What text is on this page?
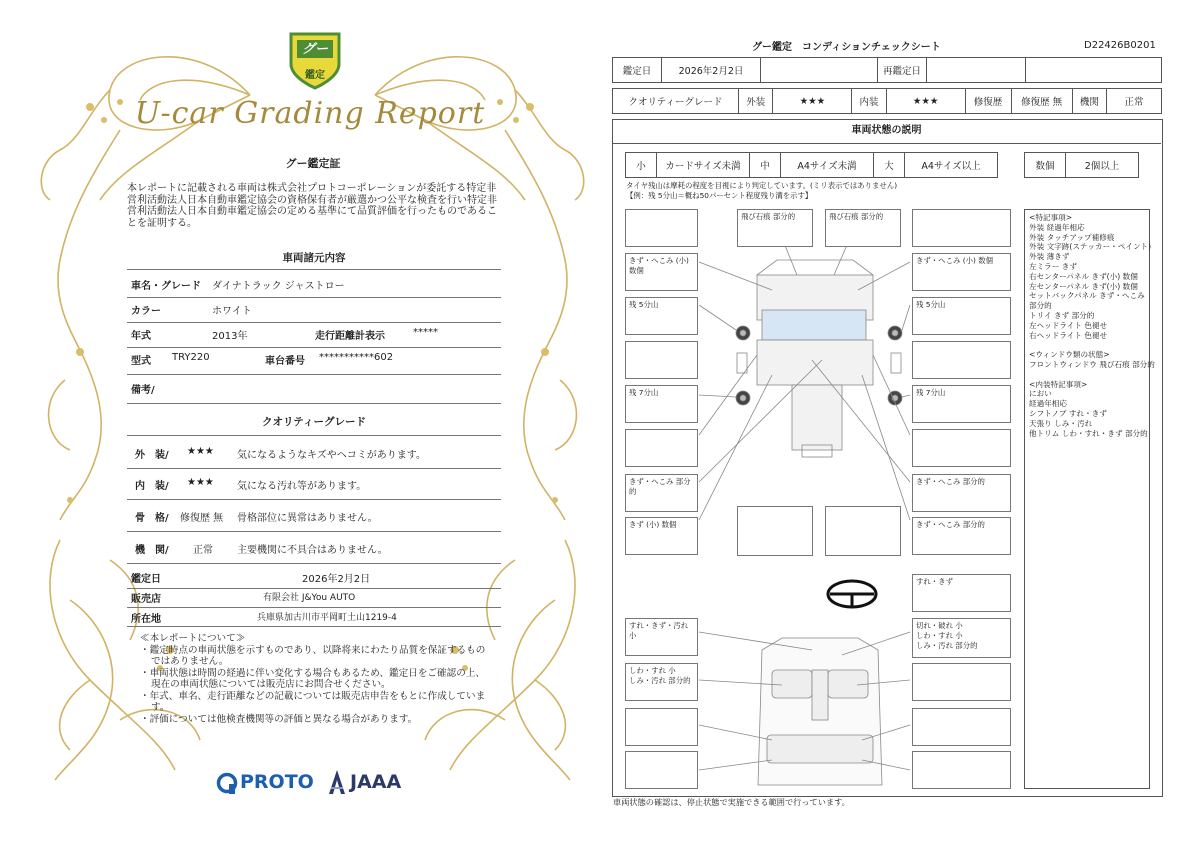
グー
鑑定
U-car Grading Report
グー鑑定証
本レポートに記載される車両は株式会社プロトコーポレーションが委託する特定非営利活動法人日本自動車鑑定協会の資格保有者が厳選かつ公平な検査を行い特定非営利活動法人日本自動車鑑定協会の定める基準にて品質評価を行ったものであることを証明する。
車両諸元内容
車名・グレード ダイナトラック ジャストロー
カラー	ホワイト
年式	2013年	走行距離計表示	*****
型式 TRY220	車台番号 ***********602
備考/
クオリティーグレード
外　装/ ★★★ 気になるようなキズやヘコミがあります。
内　装/ ★★★ 気になる汚れ等があります。
骨　格/ 修復歴 無 骨格部位に異常はありません。
機　関/ 正常 主要機関に不具合はありません。
鑑定日	2026年2月2日
販売店	有限会社 J&You AUTO
所在地	兵庫県加古川市平岡町土山1219-4
≪本レポートについて≫
・鑑定時点の車両状態を示すものであり、以降将来にわたり品質を保証するものではありません。
・車両状態は時間の経過に伴い変化する場合もあるため、鑑定日をご確認の上、現在の車両状態については販売店にお問合せください。
・年式、車名、走行距離などの記載については販売店申告をもとに作成しています。
・評価については他検査機関等の評価と異なる場合があります。
PROTO JAAA
グー鑑定　コンディションチェックシート	D22426B0201
鑑定日	2026年2月2日		再鑑定日		
クオリティーグレード	外装	★★★	内装	★★★	修復歴	修復歴 無	機関	正常
車両状態の説明
小	カードサイズ未満	中	A4サイズ未満	大	A4サイズ以上	数個	2個以上
タイヤ残山は摩耗の程度を目視により判定しています。(ミリ表示ではありません)
【例：残 5分山＝概ね50パーセント程度残り溝を示す】
きず・へこみ (小) 数個
残 5分山
残 7分山
きず・へこみ 部分的
きず (小) 数個
すれ・きず・汚れ 小
しわ・すれ 小
しみ・汚れ 部分的
飛び石痕 部分的	飛び石痕 部分的
きず・へこみ (小) 数個
残 5分山
残 7分山
きず・へこみ 部分的
きず・へこみ 部分的
すれ・きず
切れ・破れ 小
しわ・すれ 小
しみ・汚れ 部分的
<特記事項>
外装 経過年相応
外装 タッチアップ補修痕
外装 文字跡(ステッカー・ペイント)
外装 薄きず
左ミラー きず
右センターパネル きず(小) 数個
左センターパネル きず(小) 数個
セットバックパネル きず・へこみ
部分的
トリイ きず 部分的
左ヘッドライト 色褪せ
右ヘッドライト 色褪せ
<ウィンドウ類の状態>
フロントウィンドウ 飛び石痕 部分的
<内装特記事項>
におい
経過年相応
シフトノブ すれ・きず
天張り しみ・汚れ
他トリム しわ・すれ・きず 部分的
車両状態の確認は、停止状態で実施できる範囲で行っています。
